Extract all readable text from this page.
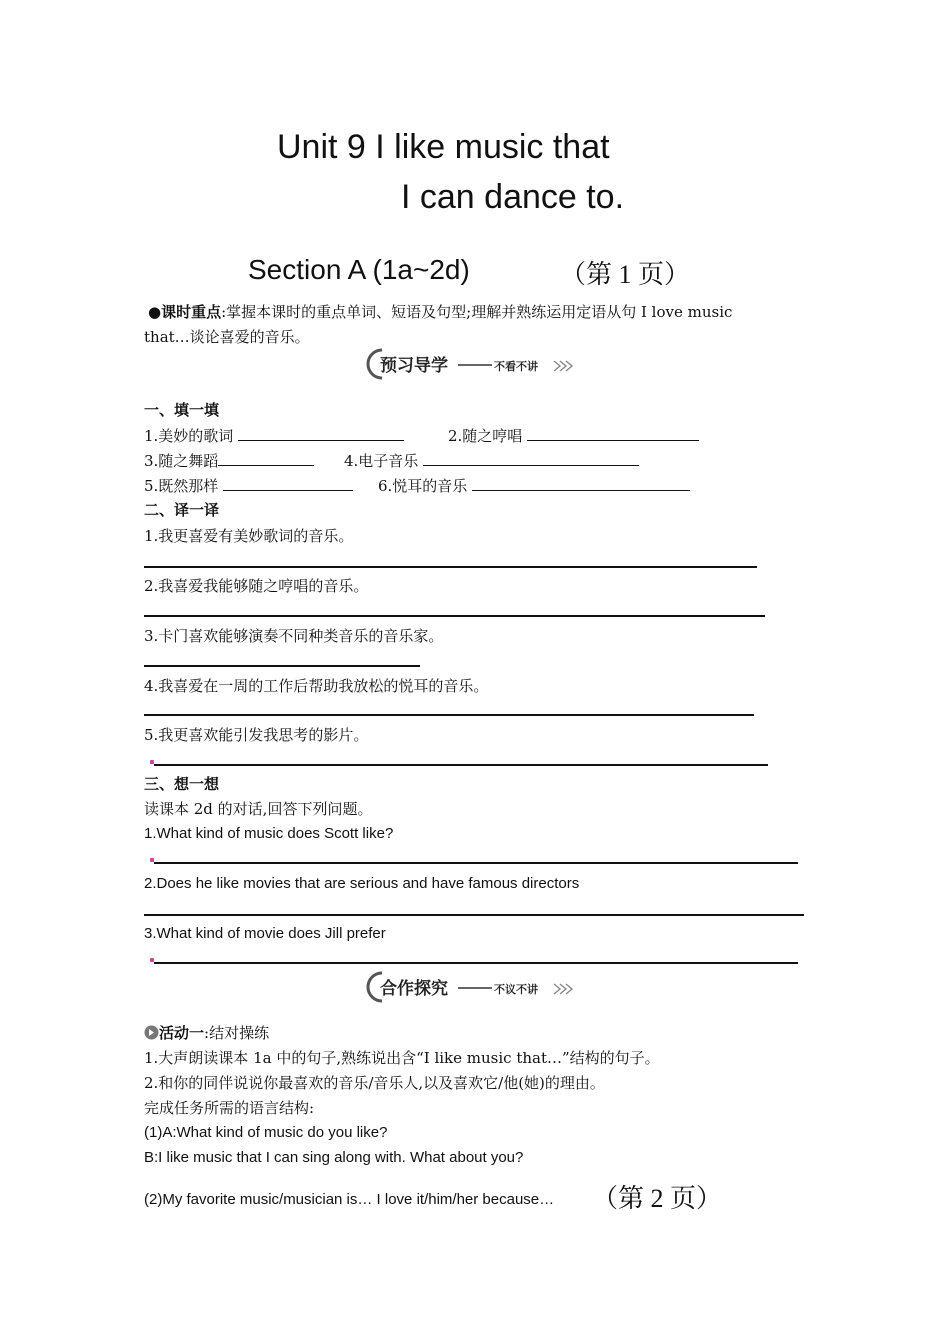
Unit 9 I like music that
I can dance to.
Section A (1a~2d)	（第 1 页）
●课时重点:掌握本课时的重点单词、短语及句型;理解并熟练运用定语从句 I love music
that…谈论喜爱的音乐。
预习导学	不看不讲
一、填一填
1.美妙的歌词	2.随之哼唱
3.随之舞蹈	4.电子音乐
5.既然那样	6.悦耳的音乐
二、译一译
1.我更喜爱有美妙歌词的音乐。
2.我喜爱我能够随之哼唱的音乐。
3.卡门喜欢能够演奏不同种类音乐的音乐家。
4.我喜爱在一周的工作后帮助我放松的悦耳的音乐。
5.我更喜欢能引发我思考的影片。
三、想一想
读课本 2d 的对话,回答下列问题。
1.What kind of music does Scott like?
2.Does he like movies that are serious and have famous directors
3.What kind of movie does Jill prefer
合作探究	不议不讲
活动一:结对操练
1.大声朗读课本 1a 中的句子,熟练说出含“I like music that…”结构的句子。
2.和你的同伴说说你最喜欢的音乐/音乐人,以及喜欢它/他(她)的理由。
完成任务所需的语言结构:
(1)A:What kind of music do you like?
B:I like music that I can sing along with. What about you?
(2)My favorite music/musician is… I love it/him/her because… （第 2 页）
